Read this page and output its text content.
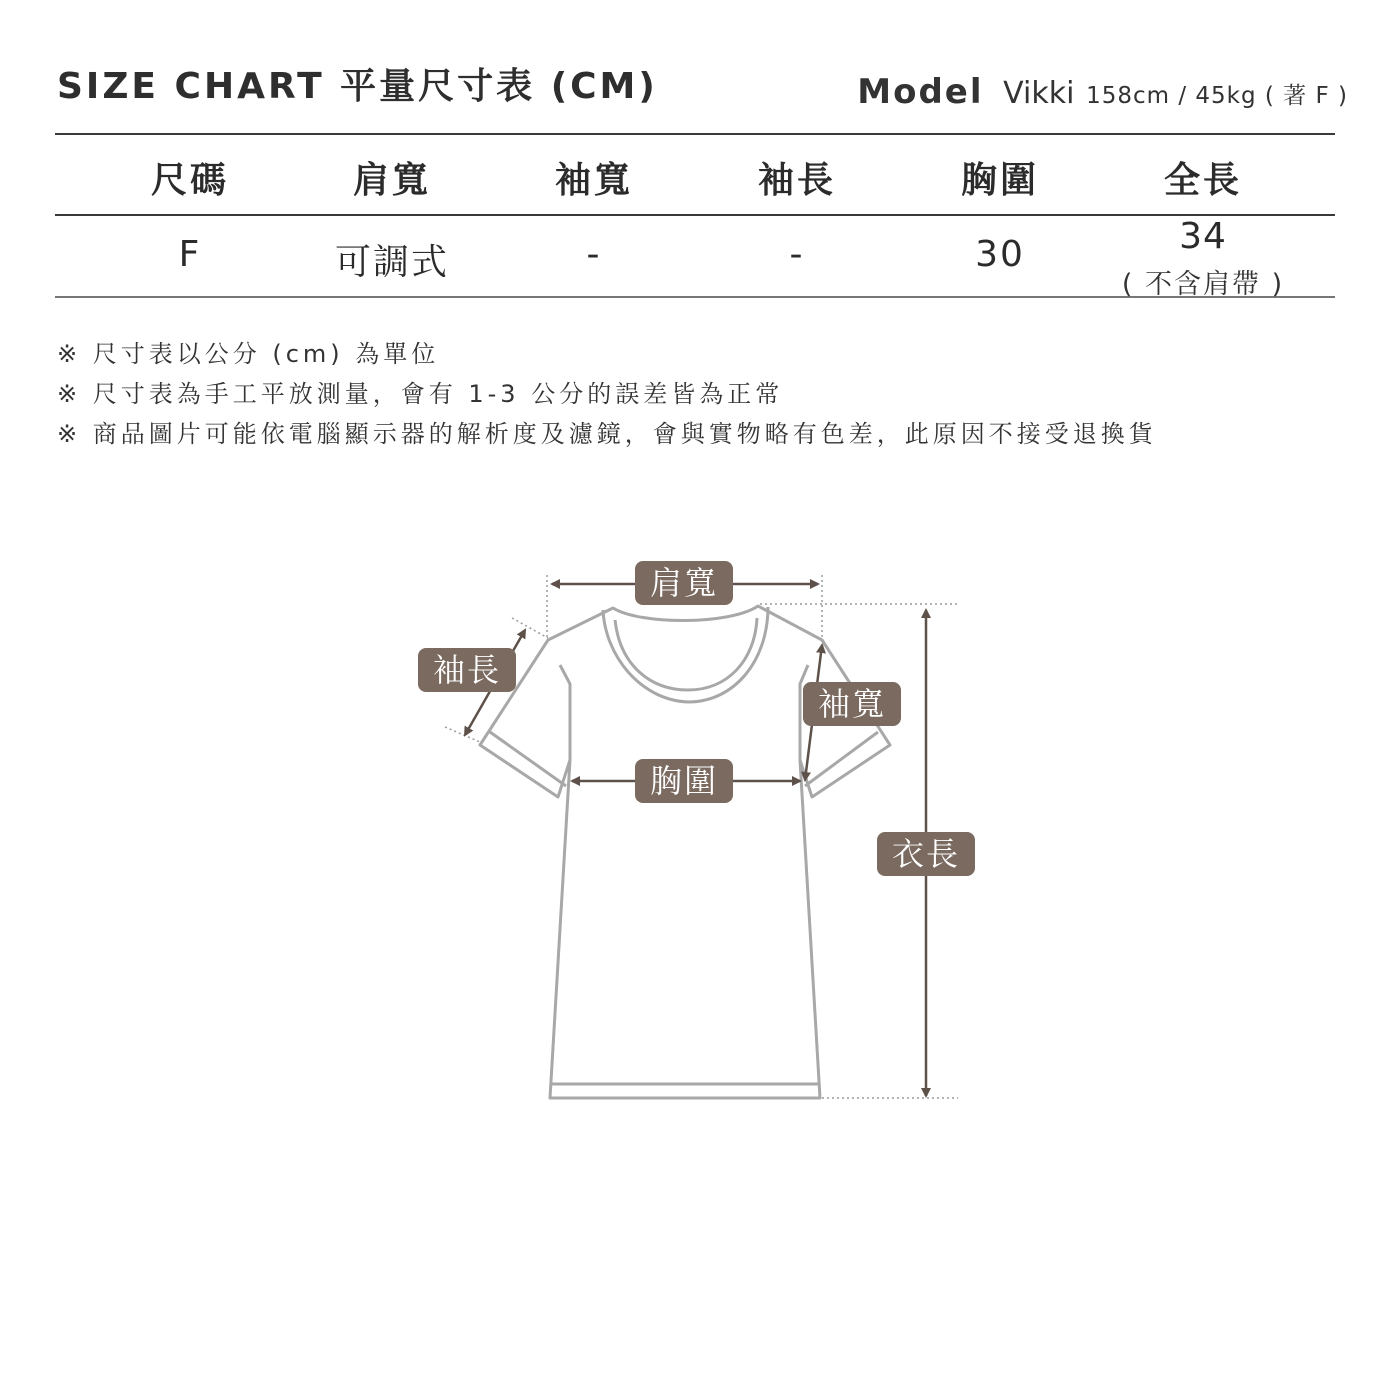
SIZE CHART 平量尺寸表 (CM)	Model Vikki 158cm / 45kg ( 著 F )
尺碼	肩寬	袖寬	袖長	胸圍	全長
F	可調式	-	-	30	34
( 不含肩帶 )
※ 尺寸表以公分 (cm) 為單位
※ 尺寸表為手工平放測量，會有 1-3 公分的誤差皆為正常
※ 商品圖片可能依電腦顯示器的解析度及濾鏡，會與實物略有色差，此原因不接受退換貨
肩寬
袖長
袖寬
胸圍
衣長
